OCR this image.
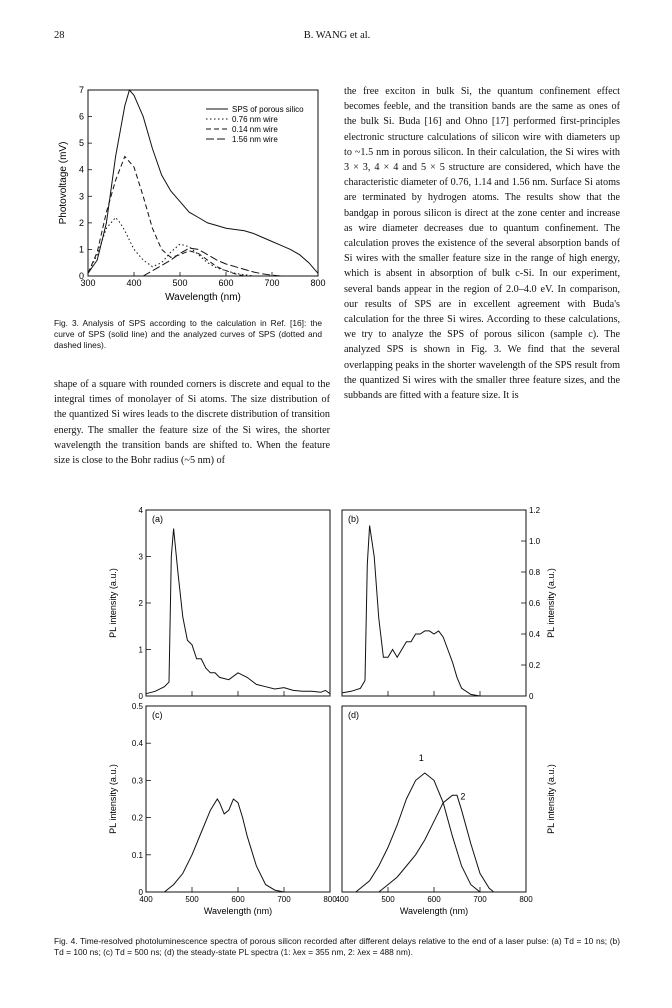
28	B. WANG et al.
0
1
2
3
4
5
6
7
300	400	500	600	700	800
Wavelength (nm)
Photovoltage (mV)
SPS of porous silico
0.76 nm wire
0.14 nm wire
1.56 nm wire
Fig. 3. Analysis of SPS according to the calculation in Ref. [16]: the curve of SPS (solid line) and the analyzed curves of SPS (dotted and dashed lines).

shape of a square with rounded corners is discrete and equal to the integral times of monolayer of Si atoms. The size distribution of the quantized Si wires leads to the discrete distribution of transition energy. The smaller the feature size of the Si wires, the shorter wavelength the transition bands are shifted to. When the feature size is close to the Bohr radius (~5 nm) of

the free exciton in bulk Si, the quantum confinement effect becomes feeble, and the transition bands are the same as ones of the bulk Si. Buda [16] and Ohno [17] performed first-principles electronic structure calculations of silicon wire with diameters up to ~1.5 nm in porous silicon. In their calculation, the Si wires with 3 × 3, 4 × 4 and 5 × 5 structure are considered, which have the characteristic diameter of 0.76, 1.14 and 1.56 nm. Surface Si atoms are terminated by hydrogen atoms. The results show that the bandgap in porous silicon is direct at the zone center and increase as wire diameter decreases due to quantum confinement. The calculation proves the existence of the several absorption bands of Si wires with the smaller feature size in the range of high energy, which is absent in absorption of bulk c-Si. In our experiment, several bands appear in the region of 2.0–4.0 eV. In comparison, our results of SPS are in excellent agreement with Buda's calculation for the three Si wires. According to these calculations, we try to analyze the SPS of porous silicon (sample c). The analyzed SPS is shown in Fig. 3. We find that the several overlapping peaks in the shorter wavelength of the SPS result from the quantized Si wires with the smaller three feature sizes, and the subbands are fitted with a feature size. It is

(a)
0
1
2
3
4
PL intensity (a.u.)
(b)
0
0.2
0.4
0.6
0.8
1.0
1.2
PL intensity (a.u.)
(c)
0
0.1
0.2
0.3
0.4
0.5
400	500	600	700	800
Wavelength (nm)
PL intensity (a.u.)
(d)
400	500	600	700	800
Wavelength (nm)
PL intensity (a.u.)
1
2
Fig. 4. Time-resolved photoluminescence spectra of porous silicon recorded after different delays relative to the end of a laser pulse: (a) Td = 10 ns; (b) Td = 100 ns; (c) Td = 500 ns; (d) the steady-state PL spectra (1: λex = 355 nm, 2: λex = 488 nm).
